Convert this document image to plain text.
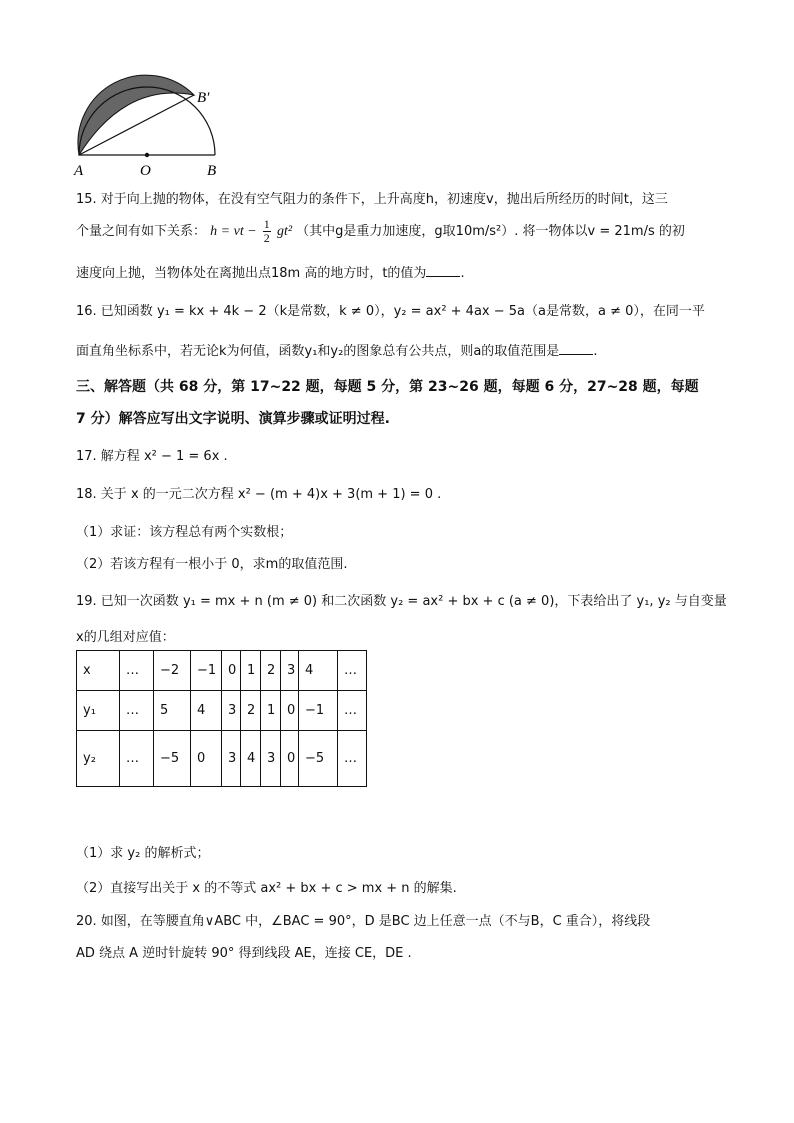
A	O	B
B′
15. 对于向上抛的物体，在没有空气阻力的条件下，上升高度h，初速度v，抛出后所经历的时间t，这三
个量之间有如下关系： h = vt − $\frac{1}{2} gt^2$ （其中g是重力加速度，g取10m/s²）. 将一物体以v = 21m/s 的初
速度向上抛，当物体处在离抛出点18m 高的地方时，t的值为	.
16. 已知函数 y₁ = kx + 4k − 2（k是常数，k ≠ 0），y₂ = ax² + 4ax − 5a（a是常数，a ≠ 0），在同一平
面直角坐标系中，若无论k为何值，函数y₁和y₂的图象总有公共点，则a的取值范围是	.
三、解答题（共 68 分，第 17~22 题，每题 5 分，第 23~26 题，每题 6 分，27~28 题，每题
7 分）解答应写出文字说明、演算步骤或证明过程.
17. 解方程 x² − 1 = 6x .
18. 关于 x 的一元二次方程 x² − (m + 4)x + 3(m + 1) = 0 .
（1）求证：该方程总有两个实数根；
（2）若该方程有一根小于 0，求m的取值范围.
19. 已知一次函数 y₁ = mx + n (m ≠ 0) 和二次函数 y₂ = ax² + bx + c (a ≠ 0)，下表给出了 y₁, y₂ 与自变量
x的几组对应值：
x	…	−2	−1	0	1	2	3	4	…
y₁	…	5	4	3	2	1	0	−1	…
y₂	…	−5	0	3	4	3	0	−5	…
（1）求 y₂ 的解析式；
（2）直接写出关于 x 的不等式 ax² + bx + c > mx + n 的解集.
20. 如图，在等腰直角∨ABC 中，∠BAC = 90°，D 是BC 边上任意一点（不与B，C 重合），将线段
AD 绕点 A 逆时针旋转 90° 得到线段 AE，连接 CE，DE .
